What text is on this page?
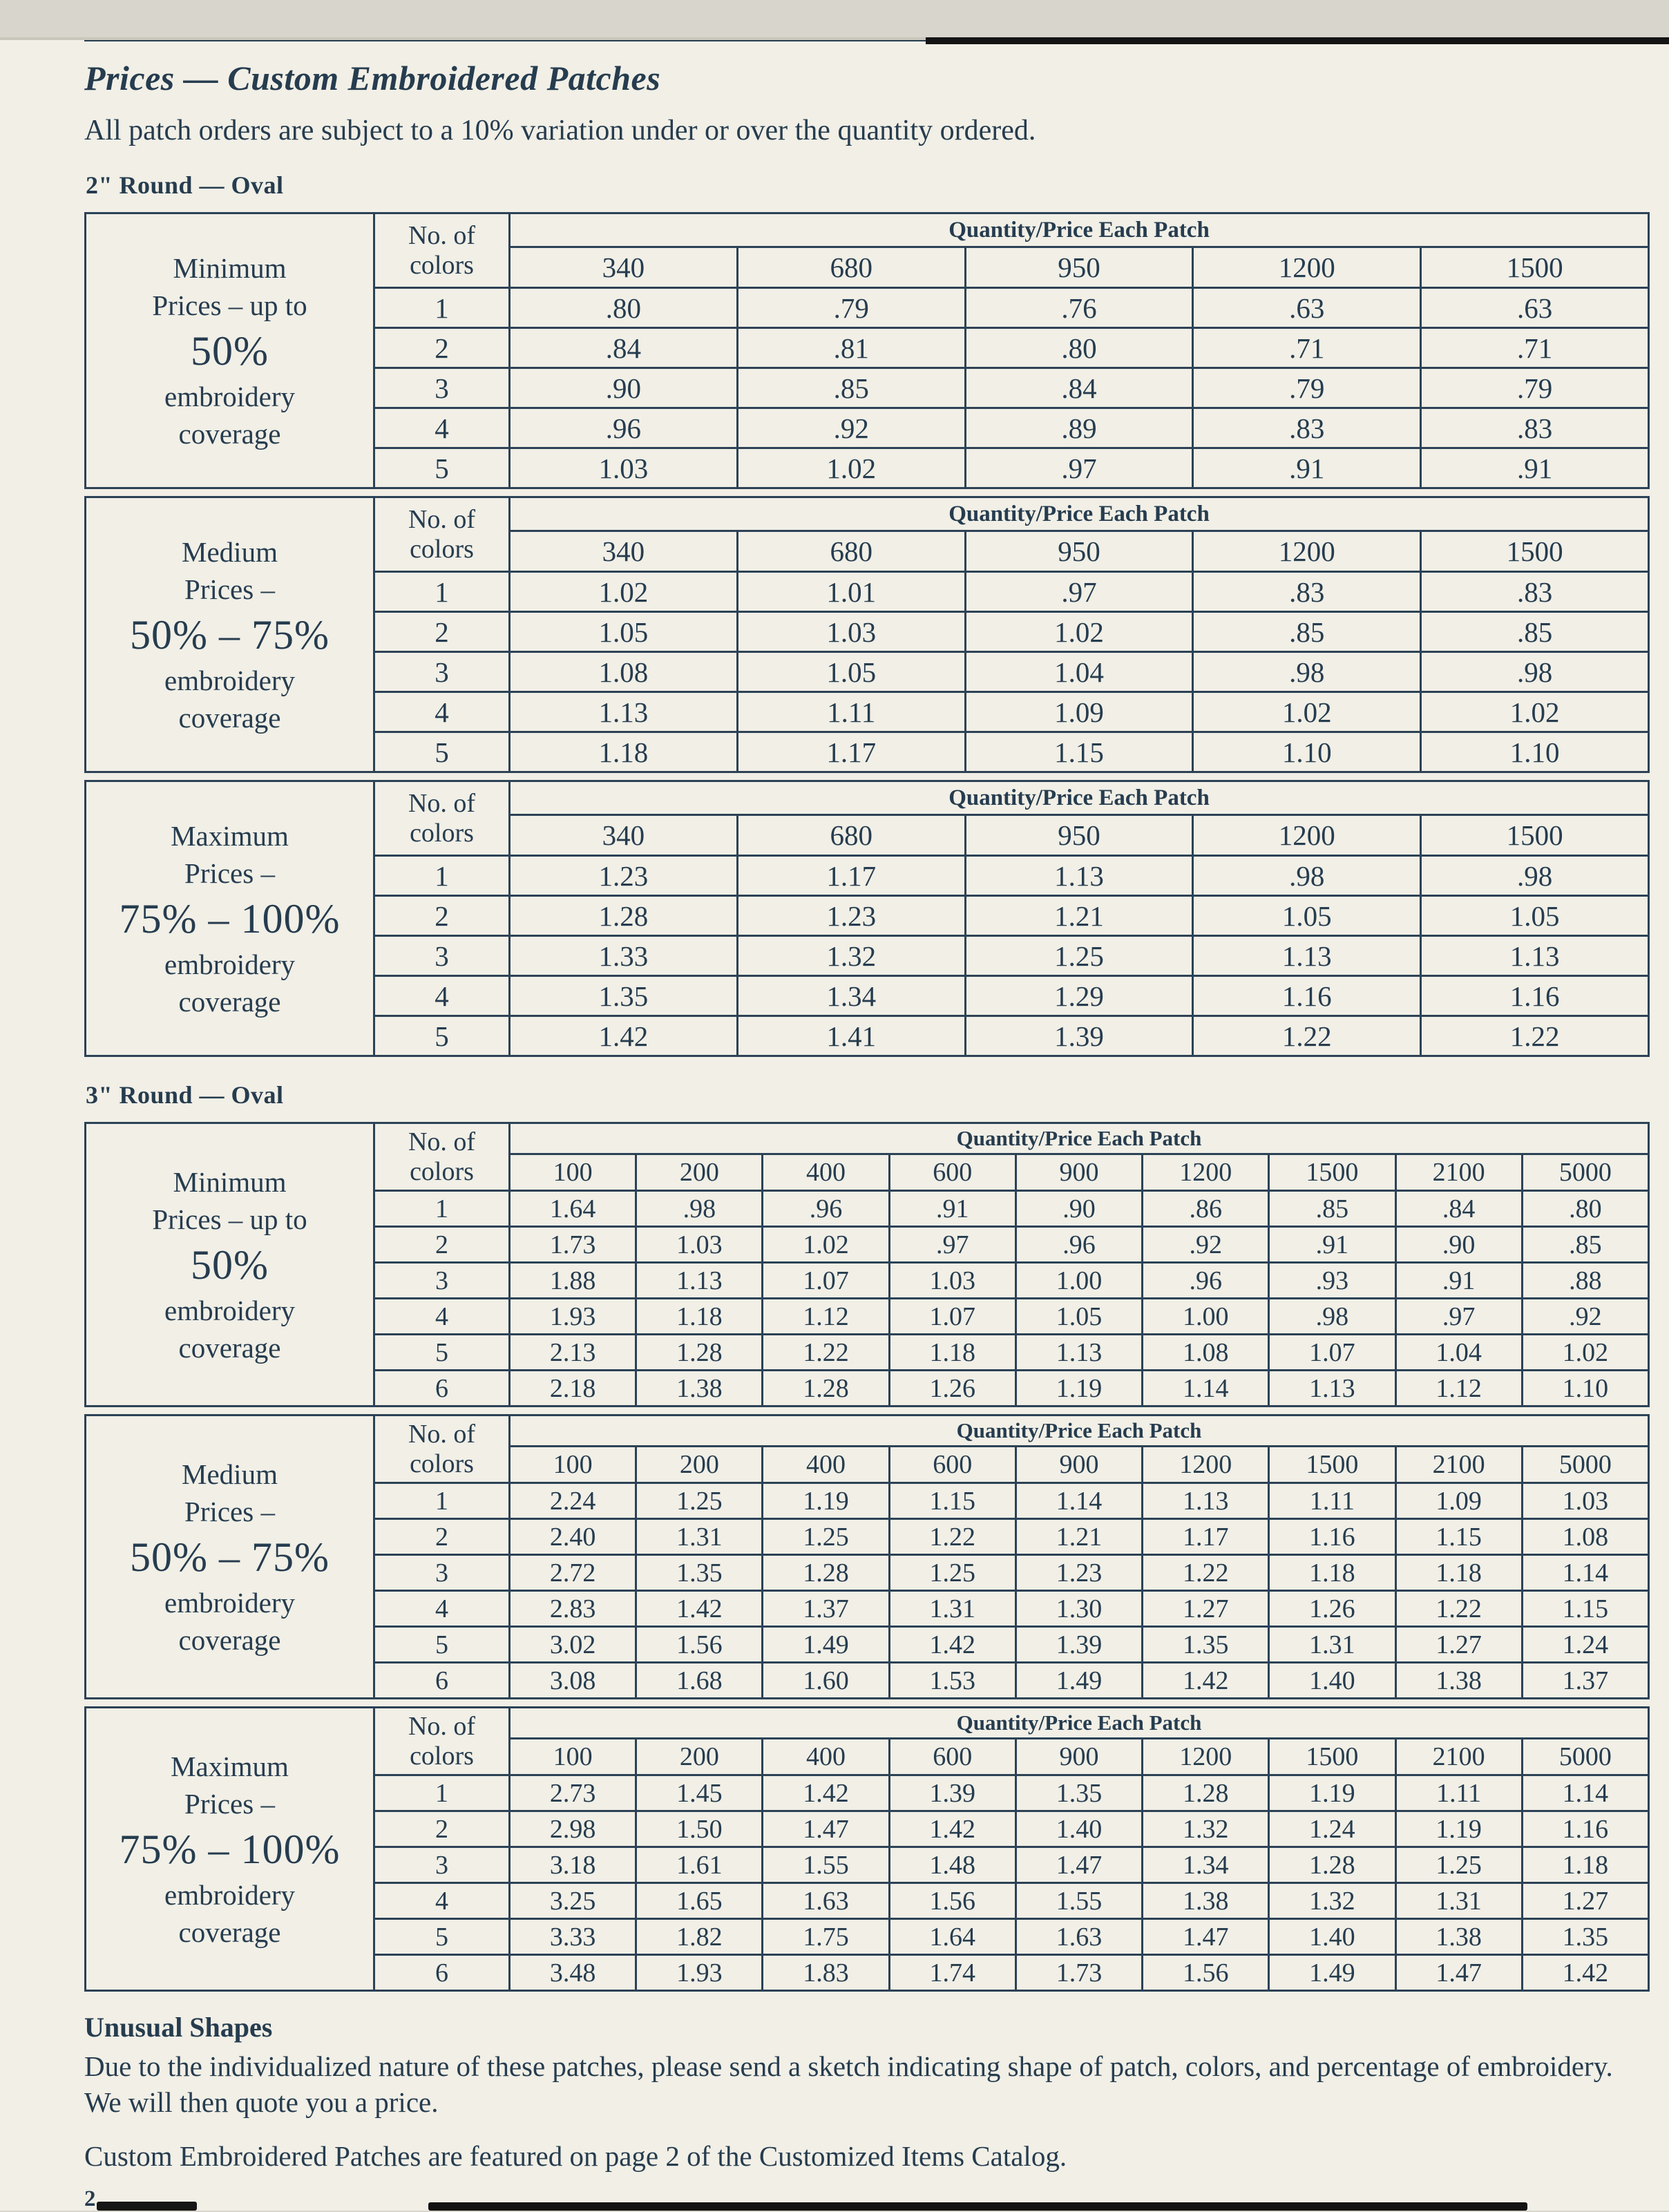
Prices — Custom Embroidered Patches

All patch orders are subject to a 10% variation under or over the quantity ordered.

2" Round — Oval
Minimum
Prices – up to
50%
embroidery
coverage
	No. of
colors	Quantity/Price Each Patch
		340	680	950	1200	1500
	1	.80	.79	.76	.63	.63
	2	.84	.81	.80	.71	.71
	3	.90	.85	.84	.79	.79
	4	.96	.92	.89	.83	.83
	5	1.03	1.02	.97	.91	.91
Medium
Prices –
50% – 75%
embroidery
coverage
	No. of
colors	Quantity/Price Each Patch
		340	680	950	1200	1500
	1	1.02	1.01	.97	.83	.83
	2	1.05	1.03	1.02	.85	.85
	3	1.08	1.05	1.04	.98	.98
	4	1.13	1.11	1.09	1.02	1.02
	5	1.18	1.17	1.15	1.10	1.10
Maximum
Prices –
75% – 100%
embroidery
coverage
	No. of
colors	Quantity/Price Each Patch
		340	680	950	1200	1500
	1	1.23	1.17	1.13	.98	.98
	2	1.28	1.23	1.21	1.05	1.05
	3	1.33	1.32	1.25	1.13	1.13
	4	1.35	1.34	1.29	1.16	1.16
	5	1.42	1.41	1.39	1.22	1.22
3" Round — Oval
Minimum
Prices – up to
50%
embroidery
coverage
	No. of
colors	Quantity/Price Each Patch
		100	200	400	600	900	1200	1500	2100	5000
	1	1.64	.98	.96	.91	.90	.86	.85	.84	.80
	2	1.73	1.03	1.02	.97	.96	.92	.91	.90	.85
	3	1.88	1.13	1.07	1.03	1.00	.96	.93	.91	.88
	4	1.93	1.18	1.12	1.07	1.05	1.00	.98	.97	.92
	5	2.13	1.28	1.22	1.18	1.13	1.08	1.07	1.04	1.02
	6	2.18	1.38	1.28	1.26	1.19	1.14	1.13	1.12	1.10
Medium
Prices –
50% – 75%
embroidery
coverage
	No. of
colors	Quantity/Price Each Patch
		100	200	400	600	900	1200	1500	2100	5000
	1	2.24	1.25	1.19	1.15	1.14	1.13	1.11	1.09	1.03
	2	2.40	1.31	1.25	1.22	1.21	1.17	1.16	1.15	1.08
	3	2.72	1.35	1.28	1.25	1.23	1.22	1.18	1.18	1.14
	4	2.83	1.42	1.37	1.31	1.30	1.27	1.26	1.22	1.15
	5	3.02	1.56	1.49	1.42	1.39	1.35	1.31	1.27	1.24
	6	3.08	1.68	1.60	1.53	1.49	1.42	1.40	1.38	1.37
Maximum
Prices –
75% – 100%
embroidery
coverage
	No. of
colors	Quantity/Price Each Patch
		100	200	400	600	900	1200	1500	2100	5000
	1	2.73	1.45	1.42	1.39	1.35	1.28	1.19	1.11	1.14
	2	2.98	1.50	1.47	1.42	1.40	1.32	1.24	1.19	1.16
	3	3.18	1.61	1.55	1.48	1.47	1.34	1.28	1.25	1.18
	4	3.25	1.65	1.63	1.56	1.55	1.38	1.32	1.31	1.27
	5	3.33	1.82	1.75	1.64	1.63	1.47	1.40	1.38	1.35
	6	3.48	1.93	1.83	1.74	1.73	1.56	1.49	1.47	1.42
Unusual Shapes

Due to the individualized nature of these patches, please send a sketch indicating shape of patch, colors, and percentage of embroidery. We will then quote you a price.

Custom Embroidered Patches are featured on page 2 of the Customized Items Catalog.

2
